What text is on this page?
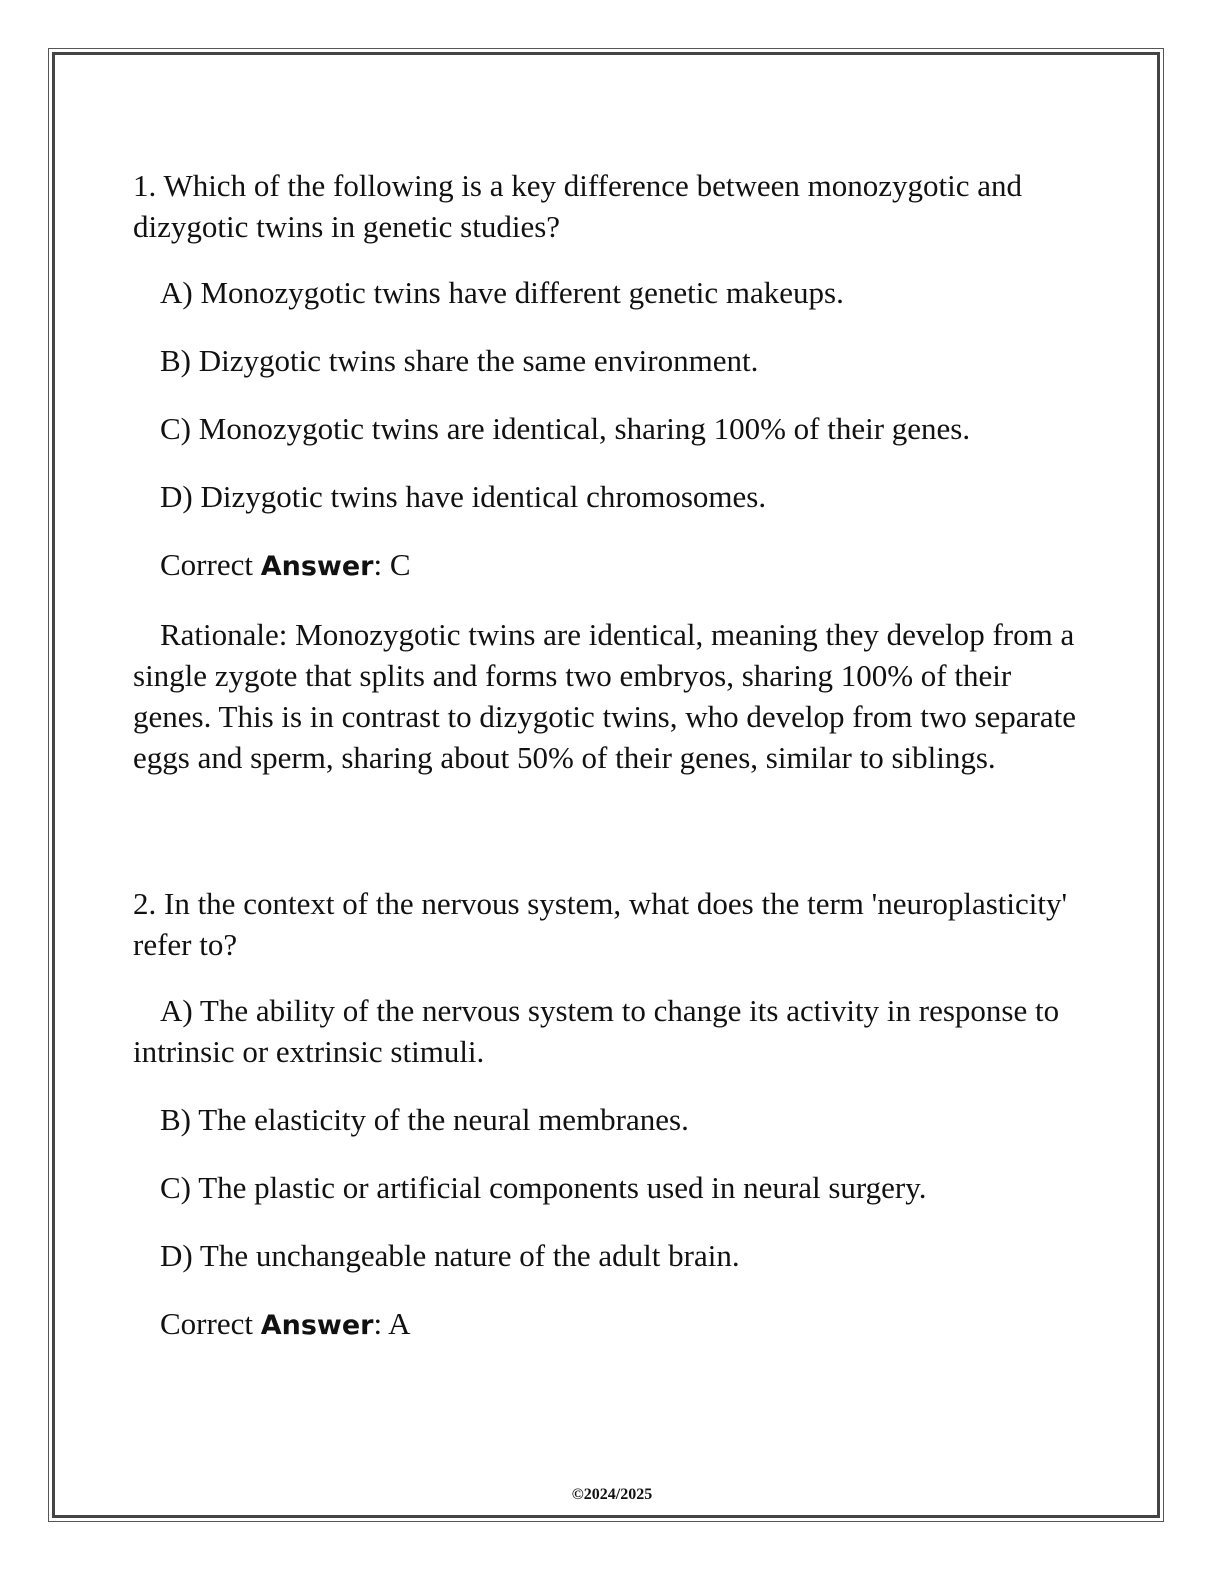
1. Which of the following is a key difference between monozygotic and dizygotic twins in genetic studies?

A) Monozygotic twins have different genetic makeups.

B) Dizygotic twins share the same environment.

C) Monozygotic twins are identical, sharing 100% of their genes.

D) Dizygotic twins have identical chromosomes.

Correct Answer: C

Rationale: Monozygotic twins are identical, meaning they develop from a single zygote that splits and forms two embryos, sharing 100% of their genes. This is in contrast to dizygotic twins, who develop from two separate eggs and sperm, sharing about 50% of their genes, similar to siblings.

2. In the context of the nervous system, what does the term 'neuroplasticity' refer to?

A) The ability of the nervous system to change its activity in response to intrinsic or extrinsic stimuli.

B) The elasticity of the neural membranes.

C) The plastic or artificial components used in neural surgery.

D) The unchangeable nature of the adult brain.

Correct Answer: A

©2024/2025
